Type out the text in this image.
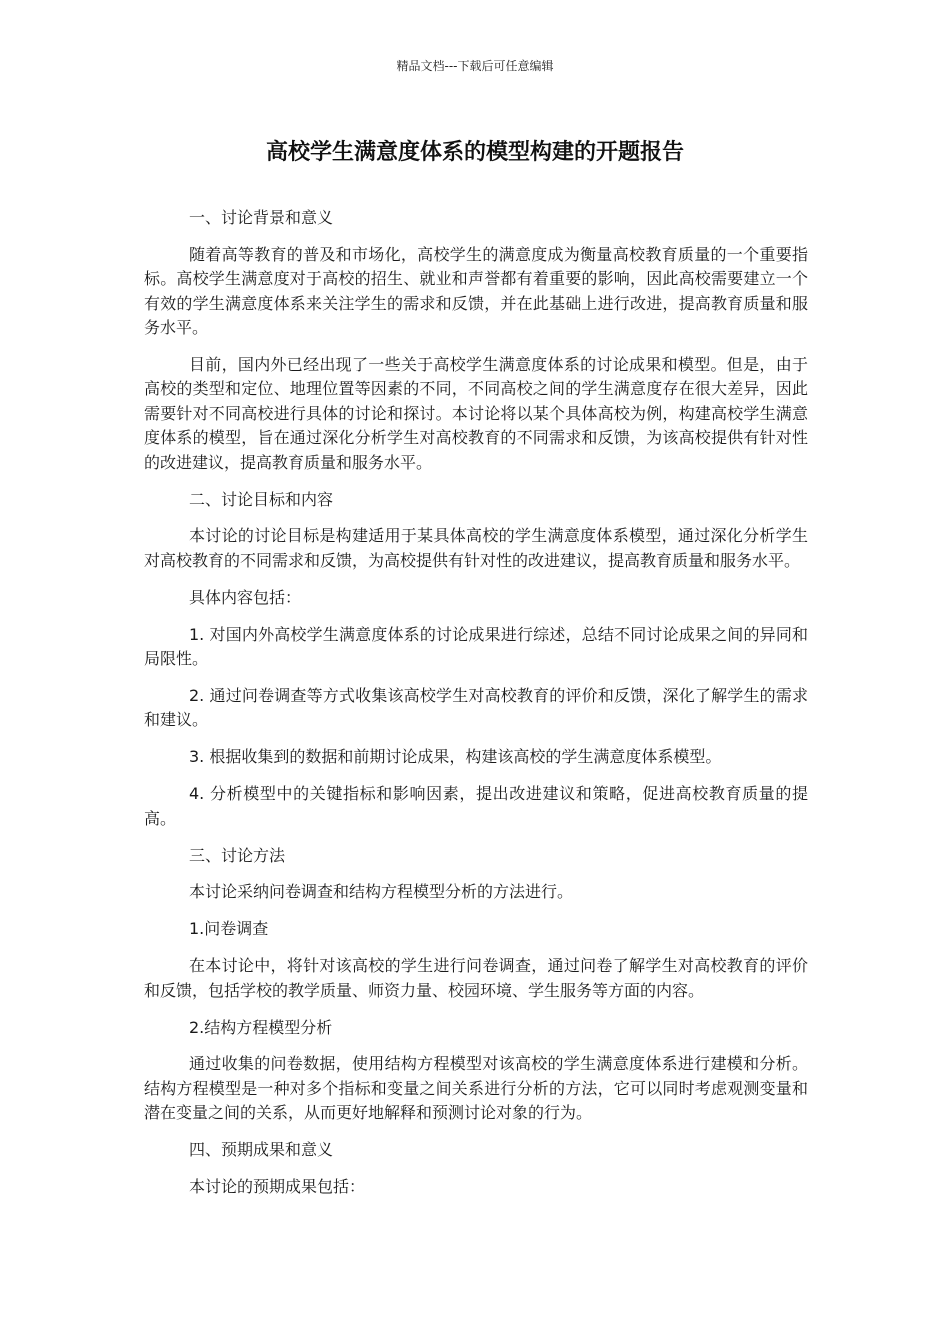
精品文档---下载后可任意编辑
高校学生满意度体系的模型构建的开题报告

一、讨论背景和意义

随着高等教育的普及和市场化，高校学生的满意度成为衡量高校教育质量的一个重要指标。高校学生满意度对于高校的招生、就业和声誉都有着重要的影响，因此高校需要建立一个有效的学生满意度体系来关注学生的需求和反馈，并在此基础上进行改进，提高教育质量和服务水平。

目前，国内外已经出现了一些关于高校学生满意度体系的讨论成果和模型。但是，由于高校的类型和定位、地理位置等因素的不同，不同高校之间的学生满意度存在很大差异，因此需要针对不同高校进行具体的讨论和探讨。本讨论将以某个具体高校为例，构建高校学生满意度体系的模型，旨在通过深化分析学生对高校教育的不同需求和反馈，为该高校提供有针对性的改进建议，提高教育质量和服务水平。

二、讨论目标和内容

本讨论的讨论目标是构建适用于某具体高校的学生满意度体系模型，通过深化分析学生对高校教育的不同需求和反馈，为高校提供有针对性的改进建议，提高教育质量和服务水平。

具体内容包括：

1. 对国内外高校学生满意度体系的讨论成果进行综述，总结不同讨论成果之间的异同和局限性。

2. 通过问卷调查等方式收集该高校学生对高校教育的评价和反馈，深化了解学生的需求和建议。

3. 根据收集到的数据和前期讨论成果，构建该高校的学生满意度体系模型。

4. 分析模型中的关键指标和影响因素，提出改进建议和策略，促进高校教育质量的提高。

三、讨论方法

本讨论采纳问卷调查和结构方程模型分析的方法进行。

1.问卷调查

在本讨论中，将针对该高校的学生进行问卷调查，通过问卷了解学生对高校教育的评价和反馈，包括学校的教学质量、师资力量、校园环境、学生服务等方面的内容。

2.结构方程模型分析

通过收集的问卷数据，使用结构方程模型对该高校的学生满意度体系进行建模和分析。结构方程模型是一种对多个指标和变量之间关系进行分析的方法，它可以同时考虑观测变量和潜在变量之间的关系，从而更好地解释和预测讨论对象的行为。

四、预期成果和意义

本讨论的预期成果包括：
